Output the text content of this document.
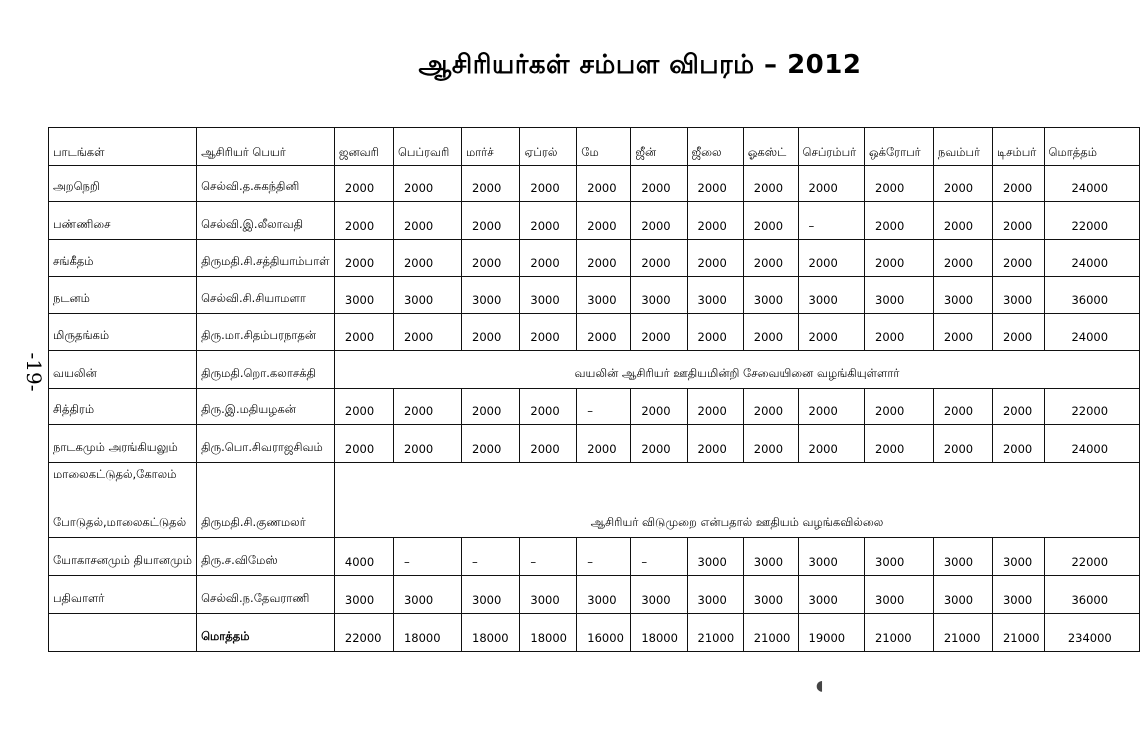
ஆசிரியர்கள் சம்பள விபரம் – 2012
-19-
◖
பாடங்கள்	ஆசிரியர் பெயர்	ஜனவரி	பெப்ரவரி	மார்ச்	ஏப்ரல்	மே	ஜீன்	ஜீலை	ஓகஸ்ட்	செப்ரம்பர்	ஒக்ரோபர்	நவம்பர்	டிசம்பர்	மொத்தம்
அறநெறி	செல்வி.த.சுகந்தினி	2000	2000	2000	2000	2000	2000	2000	2000	2000	2000	2000	2000	24000
பண்ணிசை	செல்வி.இ.லீலாவதி	2000	2000	2000	2000	2000	2000	2000	2000	–	2000	2000	2000	22000
சங்கீதம்	திருமதி.சி.சத்தியாம்பாள்	2000	2000	2000	2000	2000	2000	2000	2000	2000	2000	2000	2000	24000
நடனம்	செல்வி.சி.சியாமளா	3000	3000	3000	3000	3000	3000	3000	3000	3000	3000	3000	3000	36000
மிருதங்கம்	திரு.மா.சிதம்பரநாதன்	2000	2000	2000	2000	2000	2000	2000	2000	2000	2000	2000	2000	24000
வயலின்	திருமதி.றொ.கலாசக்தி	வயலின் ஆசிரியர் ஊதியமின்றி சேவையினை வழங்கியுள்ளார்												
சித்திரம்	திரு.இ.மதியழகன்	2000	2000	2000	2000	–	2000	2000	2000	2000	2000	2000	2000	22000
நாடகமும் அரங்கியலும்	திரு.பொ.சிவராஜசிவம்	2000	2000	2000	2000	2000	2000	2000	2000	2000	2000	2000	2000	24000

மாலைகட்டுதல்,கோலம்
போடுதல்,மாலைகட்டுதல்	திருமதி.சி.குணமலர்	ஆசிரியர் விடுமுறை என்பதால் ஊதியம் வழங்கவில்லை												
யோகாசனமும் தியானமும்	திரு.ச.விமேஸ்	4000	–	–	–	–	–	3000	3000	3000	3000	3000	3000	22000
பதிவாளர்	செல்வி.ந.தேவராணி	3000	3000	3000	3000	3000	3000	3000	3000	3000	3000	3000	3000	36000
	மொத்தம்	22000	18000	18000	18000	16000	18000	21000	21000	19000	21000	21000	21000	234000
